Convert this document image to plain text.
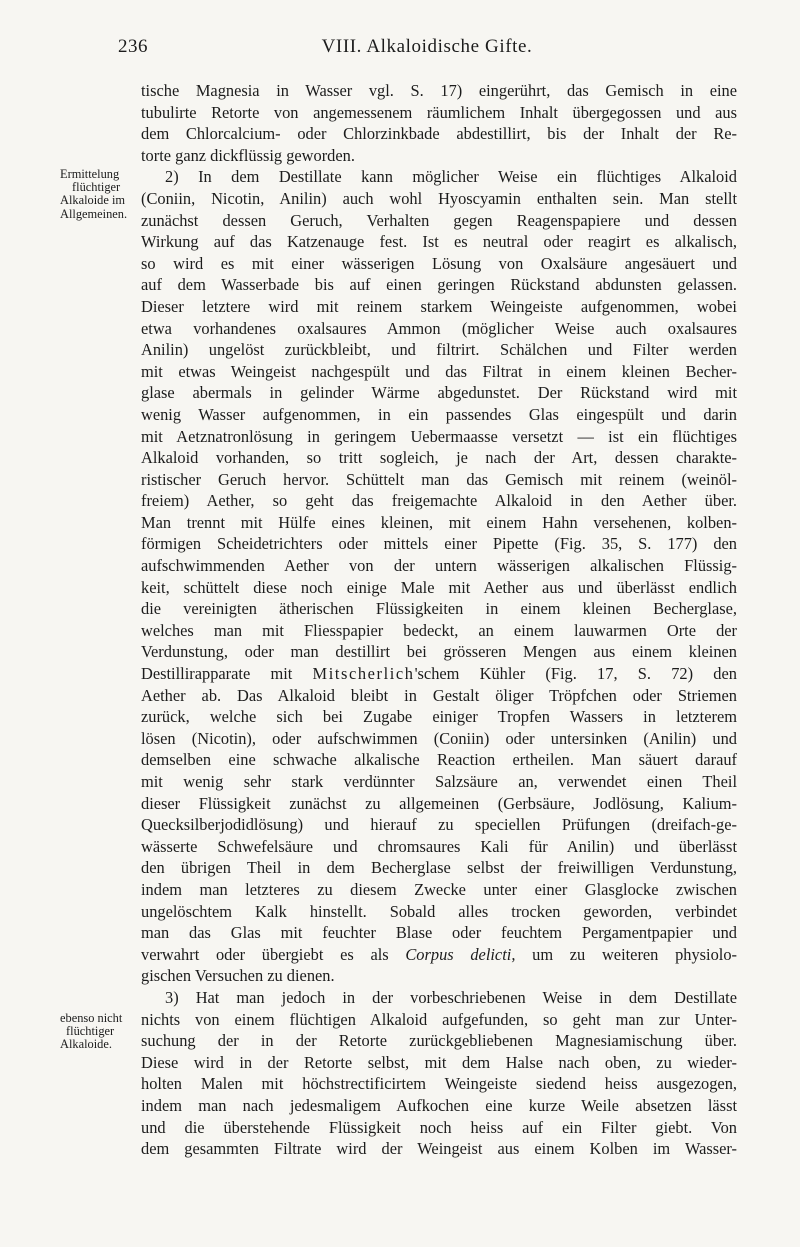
236	VIII. Alkaloidische Gifte.
Ermittelung
flüchtiger
Alkaloide im
Allgemeinen.
ebenso nicht
flüchtiger
Alkaloide.
tische Magnesia in Wasser vgl. S. 17) eingerührt, das Gemisch in eine
tubulirte Retorte von angemessenem räumlichem Inhalt übergegossen und aus
dem Chlorcalcium- oder Chlorzinkbade abdestillirt, bis der Inhalt der Re-
torte ganz dickflüssig geworden.
2) In dem Destillate kann möglicher Weise ein flüchtiges Alkaloid
(Coniin, Nicotin, Anilin) auch wohl Hyoscyamin enthalten sein. Man stellt
zunächst dessen Geruch, Verhalten gegen Reagenspapiere und dessen
Wirkung auf das Katzenauge fest. Ist es neutral oder reagirt es alkalisch,
so wird es mit einer wässerigen Lösung von Oxalsäure angesäuert und
auf dem Wasserbade bis auf einen geringen Rückstand abdunsten gelassen.
Dieser letztere wird mit reinem starkem Weingeiste aufgenommen, wobei
etwa vorhandenes oxalsaures Ammon (möglicher Weise auch oxalsaures
Anilin) ungelöst zurückbleibt, und filtrirt. Schälchen und Filter werden
mit etwas Weingeist nachgespült und das Filtrat in einem kleinen Becher-
glase abermals in gelinder Wärme abgedunstet. Der Rückstand wird mit
wenig Wasser aufgenommen, in ein passendes Glas eingespült und darin
mit Aetznatronlösung in geringem Uebermaasse versetzt — ist ein flüchtiges
Alkaloid vorhanden, so tritt sogleich, je nach der Art, dessen charakte-
ristischer Geruch hervor. Schüttelt man das Gemisch mit reinem (weinöl-
freiem) Aether, so geht das freigemachte Alkaloid in den Aether über.
Man trennt mit Hülfe eines kleinen, mit einem Hahn versehenen, kolben-
förmigen Scheidetrichters oder mittels einer Pipette (Fig. 35, S. 177) den
aufschwimmenden Aether von der untern wässerigen alkalischen Flüssig-
keit, schüttelt diese noch einige Male mit Aether aus und überlässt endlich
die vereinigten ätherischen Flüssigkeiten in einem kleinen Becherglase,
welches man mit Fliesspapier bedeckt, an einem lauwarmen Orte der
Verdunstung, oder man destillirt bei grösseren Mengen aus einem kleinen
Destillirapparate mit Mitscherlich'schem Kühler (Fig. 17, S. 72) den
Aether ab. Das Alkaloid bleibt in Gestalt öliger Tröpfchen oder Striemen
zurück, welche sich bei Zugabe einiger Tropfen Wassers in letzterem
lösen (Nicotin), oder aufschwimmen (Coniin) oder untersinken (Anilin) und
demselben eine schwache alkalische Reaction ertheilen. Man säuert darauf
mit wenig sehr stark verdünnter Salzsäure an, verwendet einen Theil
dieser Flüssigkeit zunächst zu allgemeinen (Gerbsäure, Jodlösung, Kalium-
Quecksilberjodidlösung) und hierauf zu speciellen Prüfungen (dreifach-ge-
wässerte Schwefelsäure und chromsaures Kali für Anilin) und überlässt
den übrigen Theil in dem Becherglase selbst der freiwilligen Verdunstung,
indem man letzteres zu diesem Zwecke unter einer Glasglocke zwischen
ungelöschtem Kalk hinstellt. Sobald alles trocken geworden, verbindet
man das Glas mit feuchter Blase oder feuchtem Pergamentpapier und
verwahrt oder übergiebt es als Corpus delicti, um zu weiteren physiolo-
gischen Versuchen zu dienen.
3) Hat man jedoch in der vorbeschriebenen Weise in dem Destillate
nichts von einem flüchtigen Alkaloid aufgefunden, so geht man zur Unter-
suchung der in der Retorte zurückgebliebenen Magnesiamischung über.
Diese wird in der Retorte selbst, mit dem Halse nach oben, zu wieder-
holten Malen mit höchstrectificirtem Weingeiste siedend heiss ausgezogen,
indem man nach jedesmaligem Aufkochen eine kurze Weile absetzen lässt
und die überstehende Flüssigkeit noch heiss auf ein Filter giebt. Von
dem gesammten Filtrate wird der Weingeist aus einem Kolben im Wasser-
